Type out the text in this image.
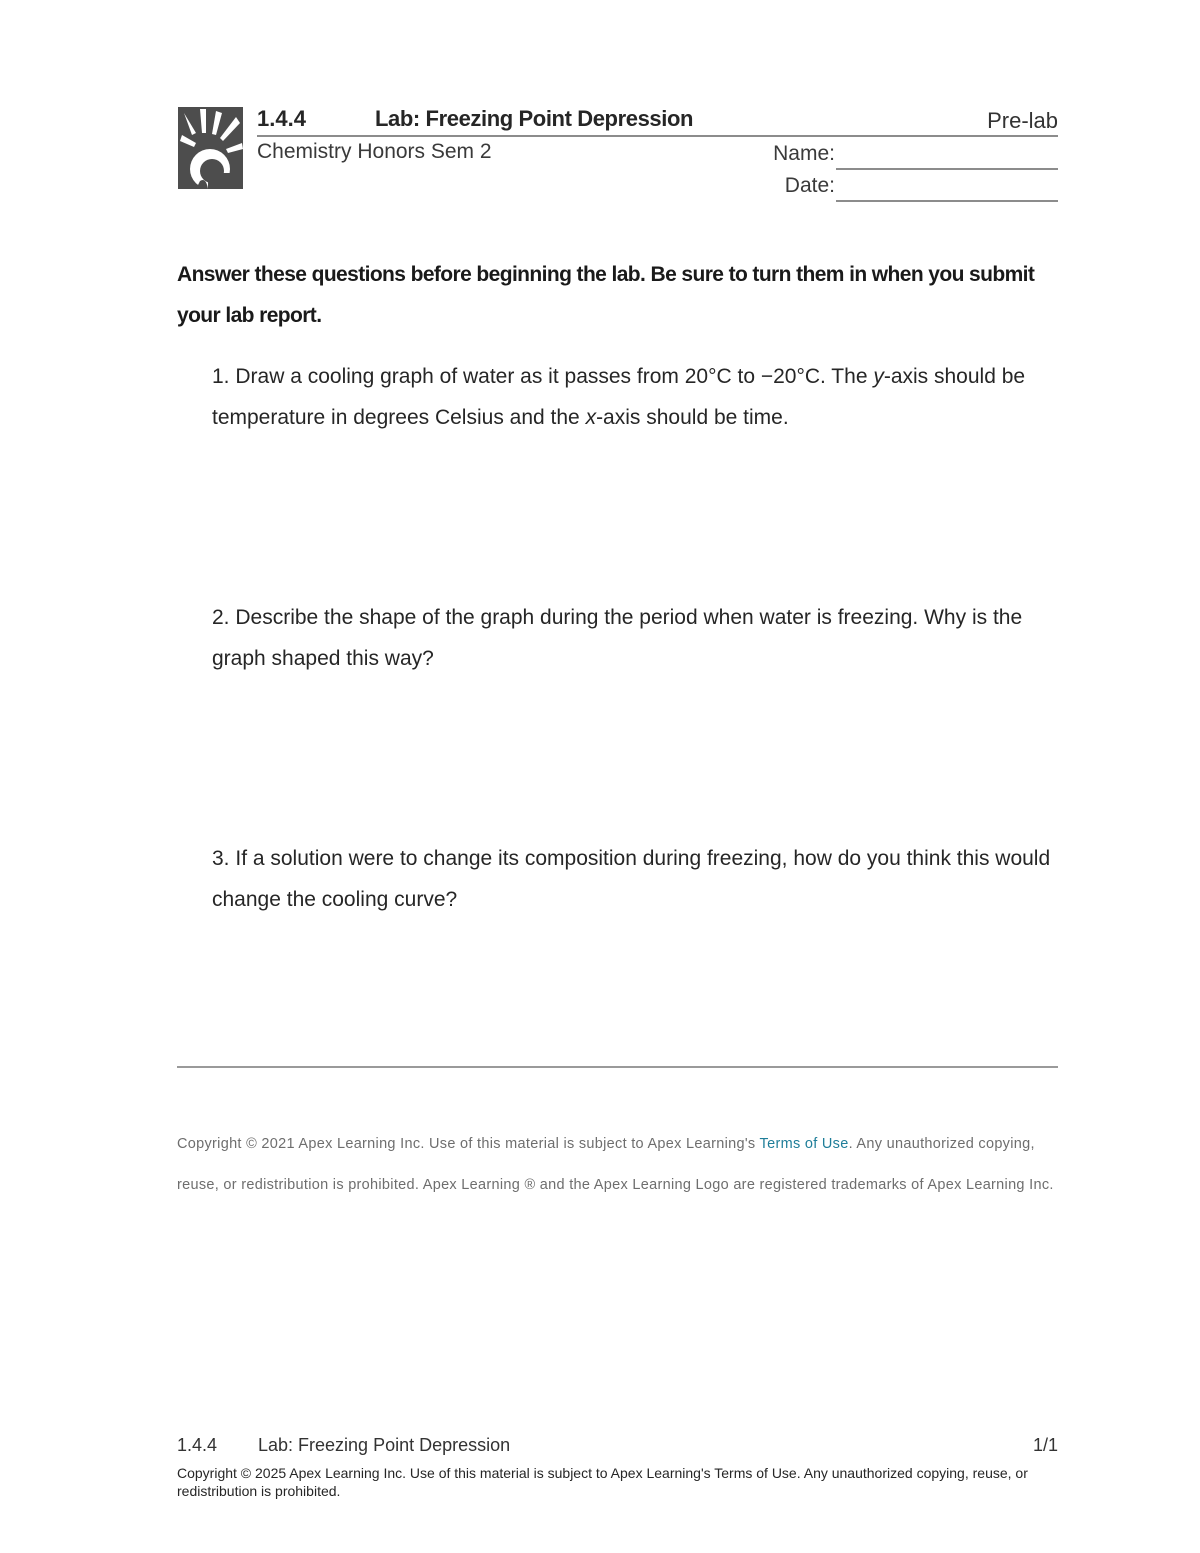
1.4.4	Lab: Freezing Point Depression	Pre-lab
Chemistry Honors Sem 2	Name:
Date:
Answer these questions before beginning the lab. Be sure to turn them in when you submit your lab report.
1. Draw a cooling graph of water as it passes from 20°C to −20°C. The y-axis should be temperature in degrees Celsius and the x-axis should be time.
2. Describe the shape of the graph during the period when water is freezing. Why is the graph shaped this way?
3. If a solution were to change its composition during freezing, how do you think this would change the cooling curve?
Copyright © 2021 Apex Learning Inc. Use of this material is subject to Apex Learning's Terms of Use. Any unauthorized copying, reuse, or redistribution is prohibited. Apex Learning ® and the Apex Learning Logo are registered trademarks of Apex Learning Inc.
1.4.4 Lab: Freezing Point Depression	1/1
Copyright © 2025 Apex Learning Inc. Use of this material is subject to Apex Learning's Terms of Use. Any unauthorized copying, reuse, or redistribution is prohibited.
